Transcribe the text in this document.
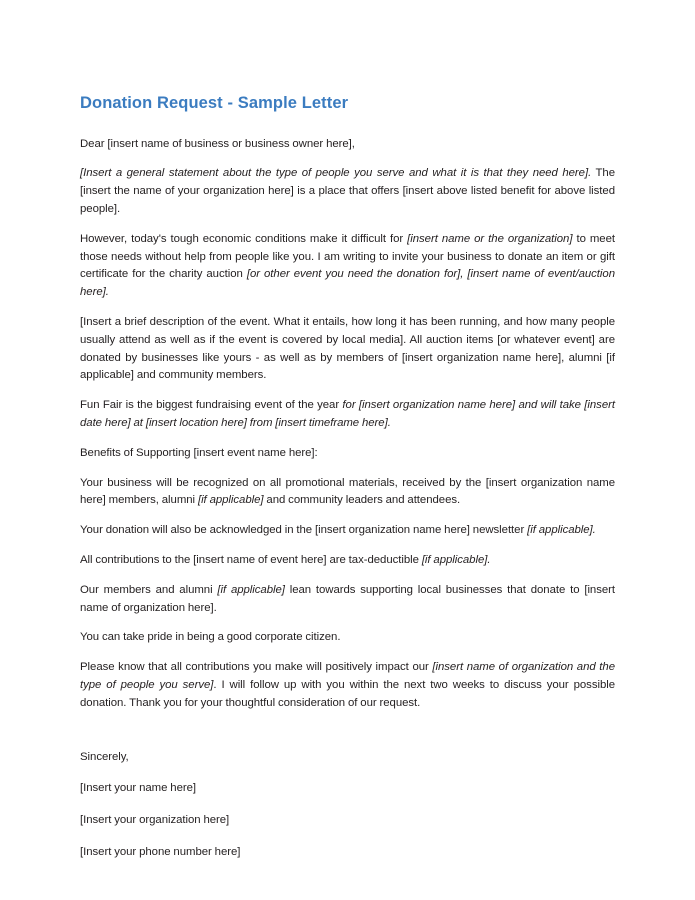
Donation Request - Sample Letter

Dear [insert name of business or business owner here],

[Insert a general statement about the type of people you serve and what it is that they need here]. The [insert the name of your organization here] is a place that offers [insert above listed benefit for above listed people].

However, today's tough economic conditions make it difficult for [insert name or the organization] to meet those needs without help from people like you. I am writing to invite your business to donate an item or gift certificate for the charity auction [or other event you need the donation for], [insert name of event/auction here].

[Insert a brief description of the event. What it entails, how long it has been running, and how many people usually attend as well as if the event is covered by local media]. All auction items [or whatever event] are donated by businesses like yours - as well as by members of [insert organization name here], alumni [if applicable] and community members.

Fun Fair is the biggest fundraising event of the year for [insert organization name here] and will take [insert date here] at [insert location here] from [insert timeframe here].

Benefits of Supporting [insert event name here]:

Your business will be recognized on all promotional materials, received by the [insert organization name here] members, alumni [if applicable] and community leaders and attendees.

Your donation will also be acknowledged in the [insert organization name here] newsletter [if applicable].

All contributions to the [insert name of event here] are tax-deductible [if applicable].

Our members and alumni [if applicable] lean towards supporting local businesses that donate to [insert name of organization here].

You can take pride in being a good corporate citizen.

Please know that all contributions you make will positively impact our [insert name of organization and the type of people you serve]. I will follow up with you within the next two weeks to discuss your possible donation. Thank you for your thoughtful consideration of our request.

Sincerely,

[Insert your name here]

[Insert your organization here]

[Insert your phone number here]
